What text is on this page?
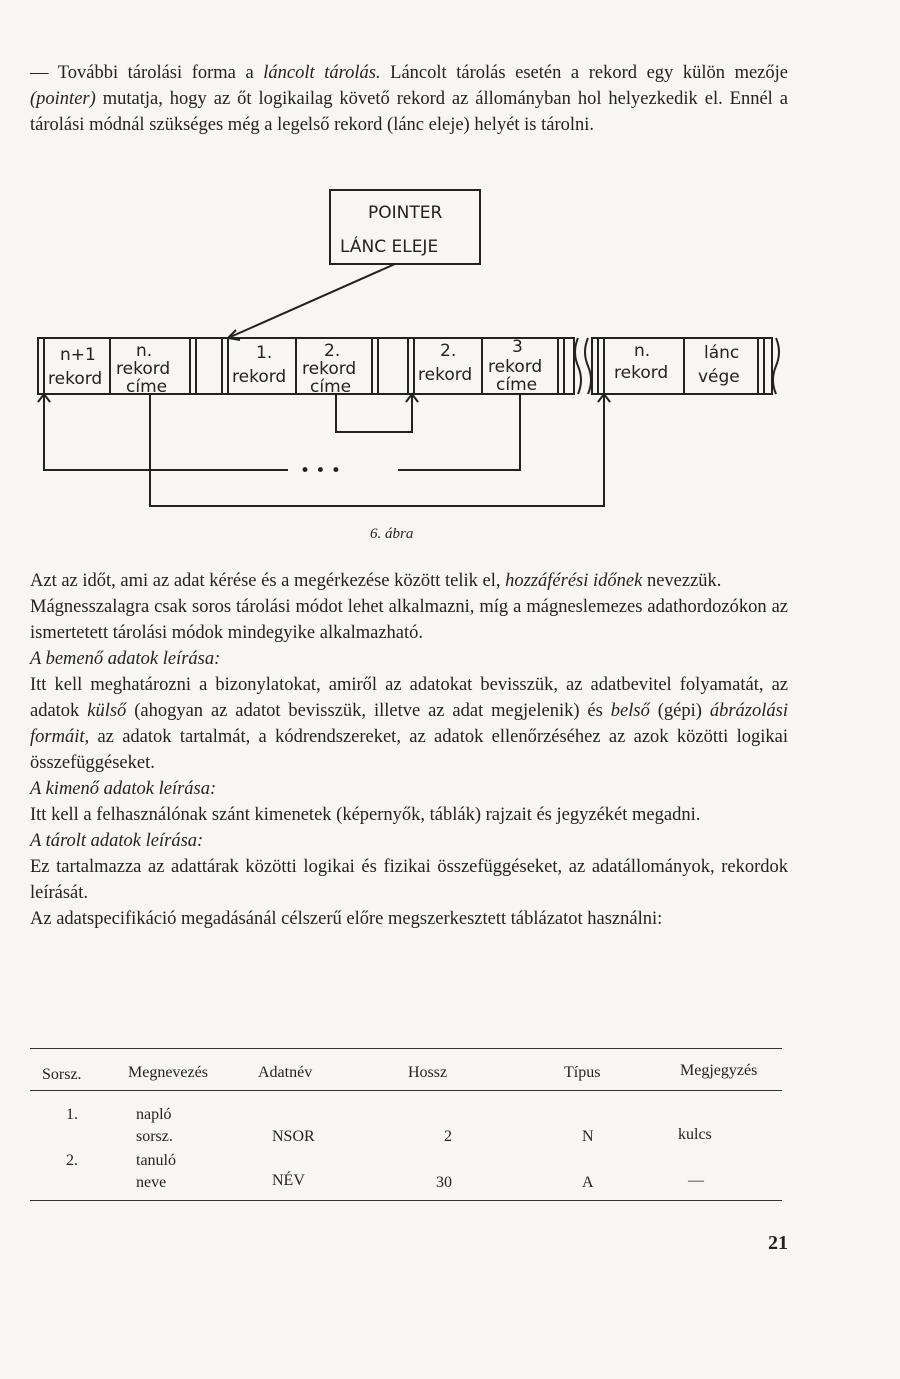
— További tárolási forma a láncolt tárolás. Láncolt tárolás esetén a rekord egy külön mezője (pointer) mutatja, hogy az őt logikailag követő rekord az állományban hol helyezkedik el. Ennél a tárolási módnál szükséges még a legelső rekord (lánc eleje) helyét is tárolni.
POINTER
LÁNC ELEJE
n+1
rekord
n.
rekord
címe
1.
rekord
2.
rekord
címe
2.
rekord
3
rekord
címe
n.
rekord
lánc
vége
• • •
6. ábra
Azt az időt, ami az adat kérése és a megérkezése között telik el, hozzáférési időnek nevezzük.
Mágnesszalagra csak soros tárolási módot lehet alkalmazni, míg a mágneslemezes adathordozókon az ismertetett tárolási módok mindegyike alkalmazható.
A bemenő adatok leírása:
Itt kell meghatározni a bizonylatokat, amiről az adatokat bevisszük, az adatbevitel folyamatát, az adatok külső (ahogyan az adatot bevisszük, illetve az adat megjelenik) és belső (gépi) ábrázolási formáit, az adatok tartalmát, a kódrendszereket, az adatok ellenőrzéséhez az azok közötti logikai összefüggéseket.
A kimenő adatok leírása:
Itt kell a felhasználónak szánt kimenetek (képernyők, táblák) rajzait és jegyzékét megadni.
A tárolt adatok leírása:
Ez tartalmazza az adattárak közötti logikai és fizikai összefüggéseket, az adatállományok, rekordok leírását.
Az adatspecifikáció megadásánál célszerű előre megszerkesztett táblázatot használni:
Sorsz.	Megnevezés	Adatnév	Hossz	Típus	Megjegyzés
1.	napló
sorsz.	NSOR	2	N	kulcs
2.	tanuló
neve	NÉV	30	A	—
21
